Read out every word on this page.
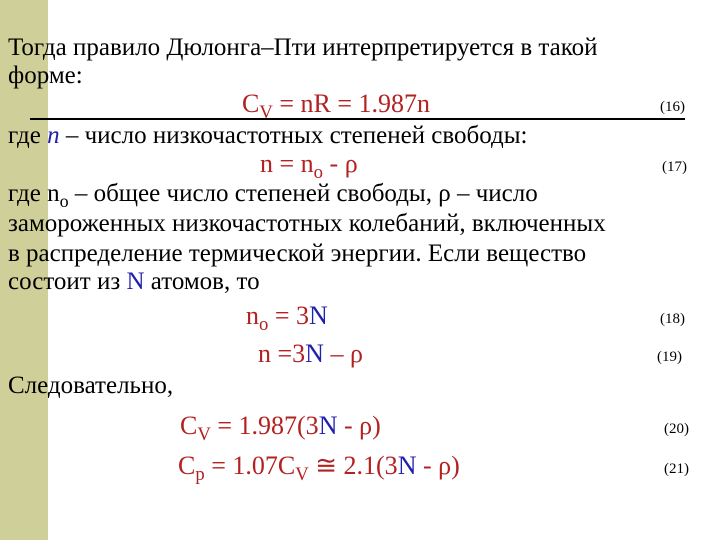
Тогда правило Дюлонга–Пти интерпретируется в такой
форме:
$C_V$ = nR = 1.987n	(16)
где n – число низкочастотных степеней свободы:
$n = n_o - \rho$	(17)
где $n_o$ – общее число степеней свободы, ρ – число
замороженных низкочастотных колебаний, включенных
в распределение термической энергии. Если вещество
состоит из N атомов, то
$n_o = 3N$	(18)
n =3N – ρ	(19)
Следовательно,
$C_V = 1.987(3N - \rho)$	(20)
$C_p = 1.07C_V$ ≅ 2.1(3N - ρ)	(21)
